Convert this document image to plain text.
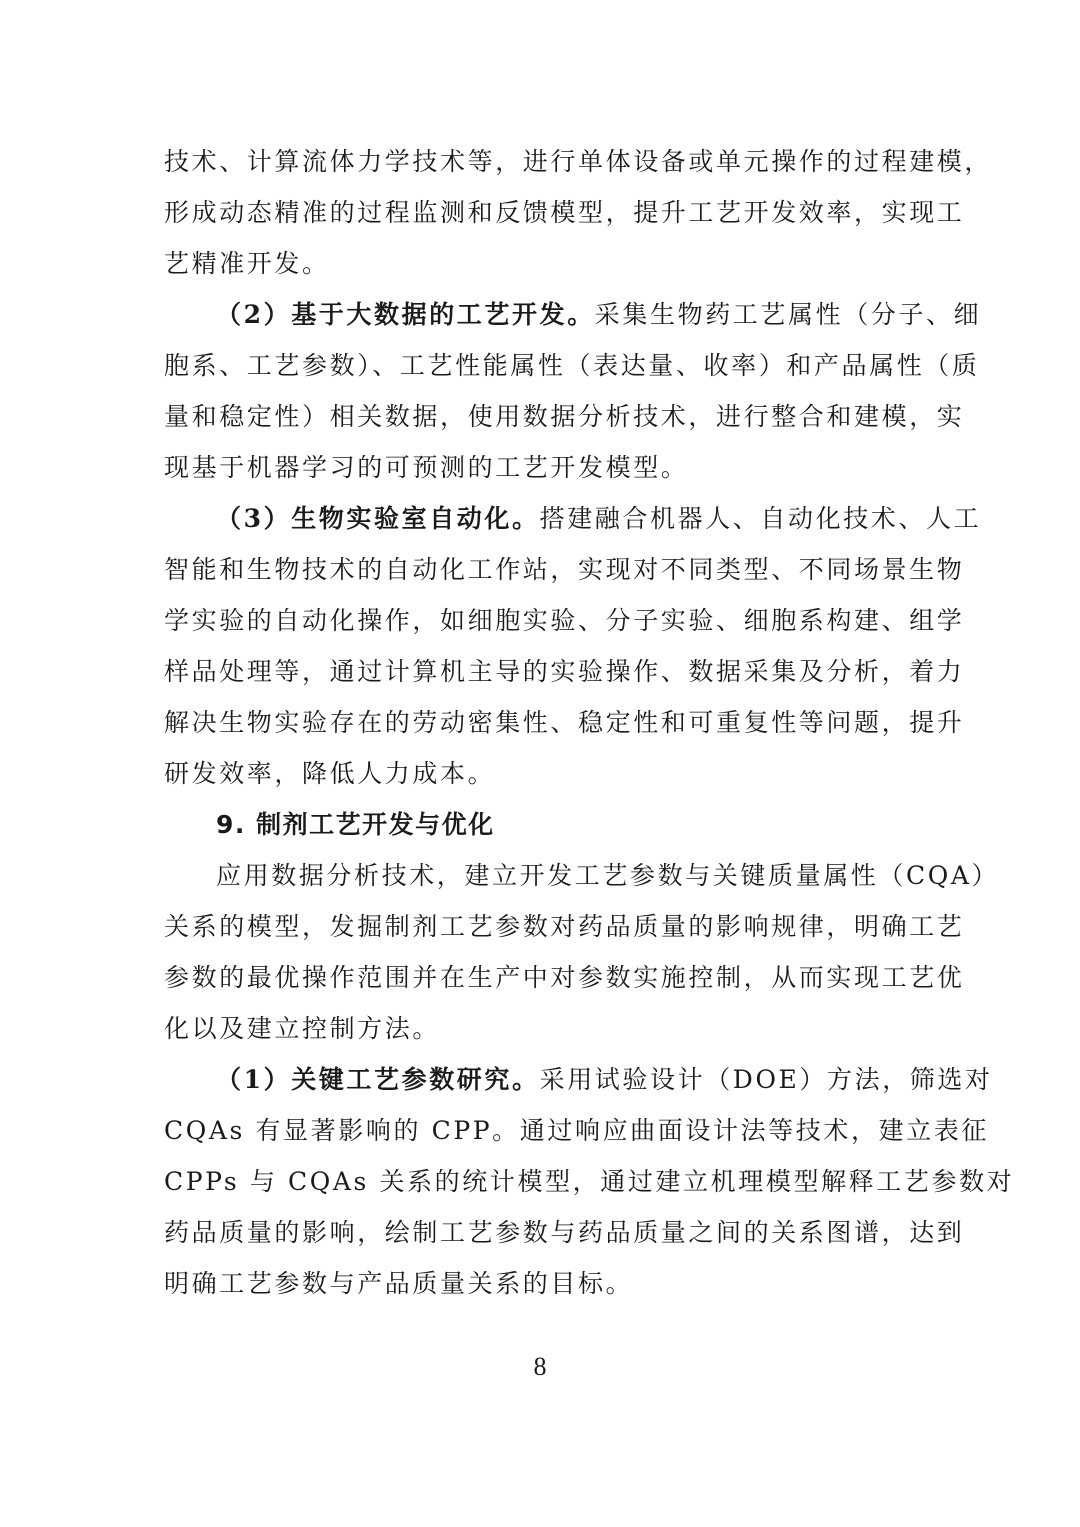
技术、计算流体力学技术等，进行单体设备或单元操作的过程建模，
形成动态精准的过程监测和反馈模型，提升工艺开发效率，实现工
艺精准开发。
（2）基于大数据的工艺开发。采集生物药工艺属性（分子、细
胞系、工艺参数）、工艺性能属性（表达量、收率）和产品属性（质
量和稳定性）相关数据，使用数据分析技术，进行整合和建模，实
现基于机器学习的可预测的工艺开发模型。
（3）生物实验室自动化。搭建融合机器人、自动化技术、人工
智能和生物技术的自动化工作站，实现对不同类型、不同场景生物
学实验的自动化操作，如细胞实验、分子实验、细胞系构建、组学
样品处理等，通过计算机主导的实验操作、数据采集及分析，着力
解决生物实验存在的劳动密集性、稳定性和可重复性等问题，提升
研发效率，降低人力成本。
9. 制剂工艺开发与优化
应用数据分析技术，建立开发工艺参数与关键质量属性（CQA）
关系的模型，发掘制剂工艺参数对药品质量的影响规律，明确工艺
参数的最优操作范围并在生产中对参数实施控制，从而实现工艺优
化以及建立控制方法。
（1）关键工艺参数研究。采用试验设计（DOE）方法，筛选对
CQAs 有显著影响的 CPP。通过响应曲面设计法等技术，建立表征
CPPs 与 CQAs 关系的统计模型，通过建立机理模型解释工艺参数对
药品质量的影响，绘制工艺参数与药品质量之间的关系图谱，达到
明确工艺参数与产品质量关系的目标。
8
